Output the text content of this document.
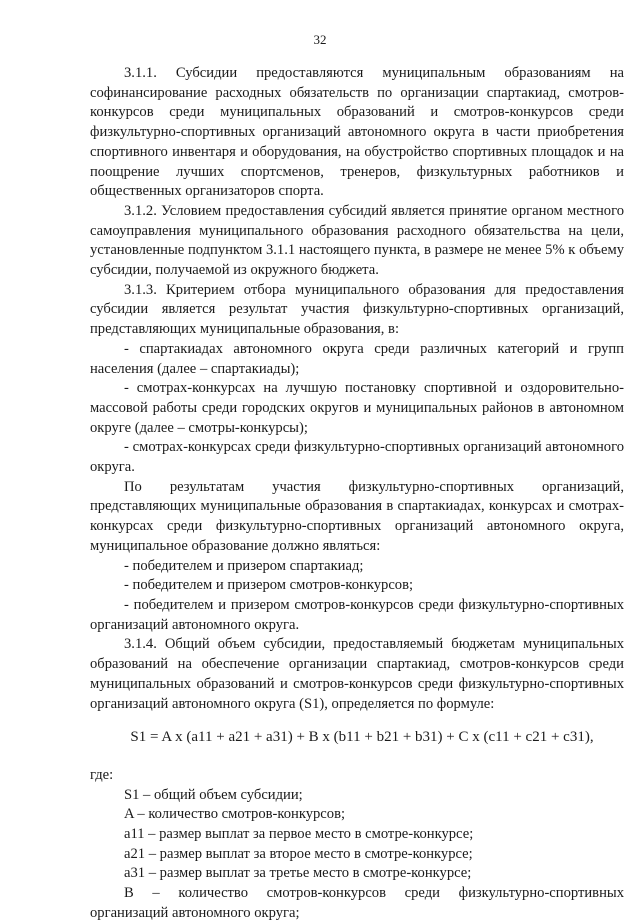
32

3.1.1. Субсидии предоставляются муниципальным образованиям на софинансирование расходных обязательств по организации спартакиад, смотров-конкурсов среди муниципальных образований и смотров-конкурсов среди физкультурно-спортивных организаций автономного округа в части приобретения спортивного инвентаря и оборудования, на обустройство спортивных площадок и на поощрение лучших спортсменов, тренеров, физкультурных работников и общественных организаторов спорта.

3.1.2. Условием предоставления субсидий является принятие органом местного самоуправления муниципального образования расходного обязательства на цели, установленные подпунктом 3.1.1 настоящего пункта, в размере не менее 5% к объему субсидии, получаемой из окружного бюджета.

3.1.3. Критерием отбора муниципального образования для предоставления субсидии является результат участия физкультурно-спортивных организаций, представляющих муниципальные образования, в:

- спартакиадах автономного округа среди различных категорий и групп населения (далее – спартакиады);

- смотрах-конкурсах на лучшую постановку спортивной и оздоровительно-массовой работы среди городских округов и муниципальных районов в автономном округе (далее – смотры-конкурсы);

- смотрах-конкурсах среди физкультурно-спортивных организаций автономного округа.

По результатам участия физкультурно-спортивных организаций, представляющих муниципальные образования в спартакиадах, конкурсах и смотрах-конкурсах среди физкультурно-спортивных организаций автономного округа, муниципальное образование должно являться:

- победителем и призером спартакиад;

- победителем и призером смотров-конкурсов;

- победителем и призером смотров-конкурсов среди физкультурно-спортивных организаций автономного округа.

3.1.4. Общий объем субсидии, предоставляемый бюджетам муниципальных образований на обеспечение организации спартакиад, смотров-конкурсов среди муниципальных образований и смотров-конкурсов среди физкультурно-спортивных организаций автономного округа (S1), определяется по формуле:

S1 = A x (a11 + a21 + a31) + B x (b11 + b21 + b31) + C x (c11 + c21 + c31),

где:

S1 – общий объем субсидии;

A – количество смотров-конкурсов;

a11 – размер выплат за первое место в смотре-конкурсе;

a21 – размер выплат за второе место в смотре-конкурсе;

a31 – размер выплат за третье место в смотре-конкурсе;

B – количество смотров-конкурсов среди физкультурно-спортивных организаций автономного округа;
